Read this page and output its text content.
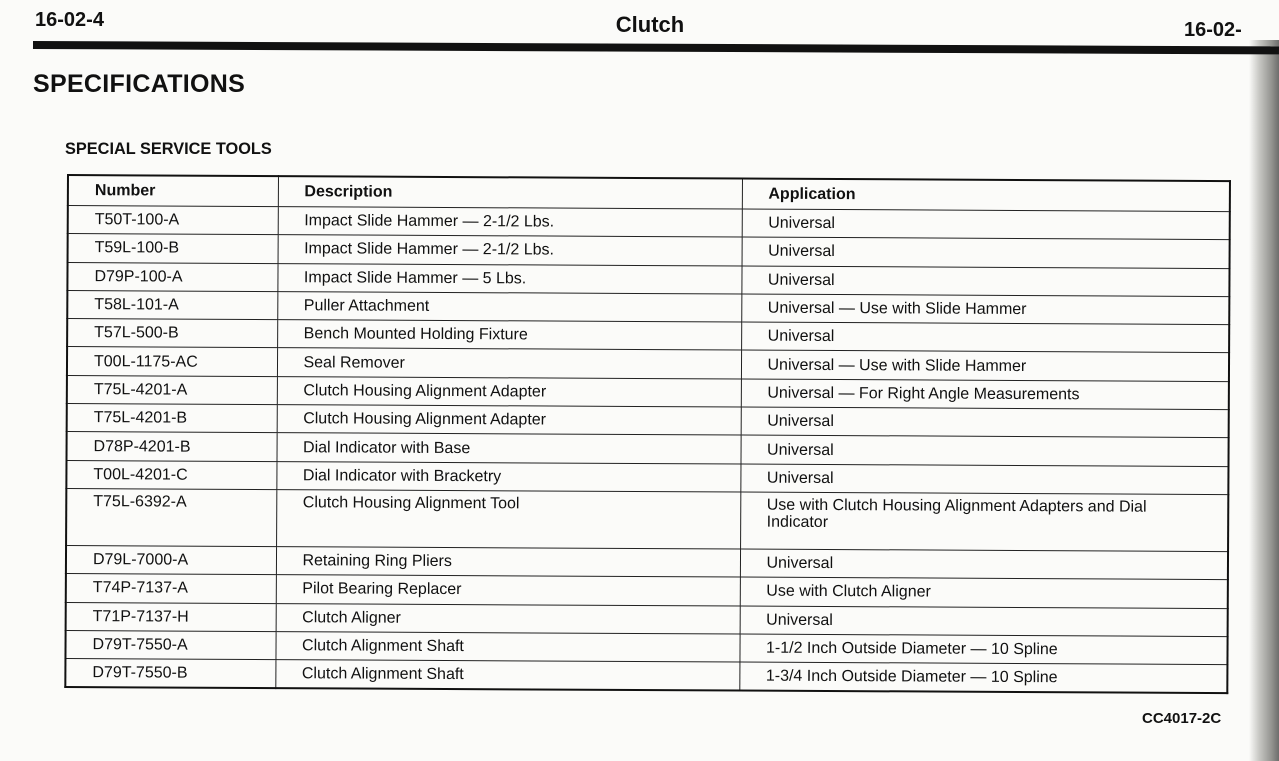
16-02-4	Clutch	16-02-
SPECIFICATIONS
SPECIAL SERVICE TOOLS
Number	Description	Application
T50T-100-A	Impact Slide Hammer — 2-1/2 Lbs.	Universal
T59L-100-B	Impact Slide Hammer — 2-1/2 Lbs.	Universal
D79P-100-A	Impact Slide Hammer — 5 Lbs.	Universal
T58L-101-A	Puller Attachment	Universal — Use with Slide Hammer
T57L-500-B	Bench Mounted Holding Fixture	Universal
T00L-1175-AC	Seal Remover	Universal — Use with Slide Hammer
T75L-4201-A	Clutch Housing Alignment Adapter	Universal — For Right Angle Measurements
T75L-4201-B	Clutch Housing Alignment Adapter	Universal
D78P-4201-B	Dial Indicator with Base	Universal
T00L-4201-C	Dial Indicator with Bracketry	Universal
T75L-6392-A	Clutch Housing Alignment Tool	Use with Clutch Housing Alignment Adapters and Dial Indicator
D79L-7000-A	Retaining Ring Pliers	Universal
T74P-7137-A	Pilot Bearing Replacer	Use with Clutch Aligner
T71P-7137-H	Clutch Aligner	Universal
D79T-7550-A	Clutch Alignment Shaft	1-1/2 Inch Outside Diameter — 10 Spline
D79T-7550-B	Clutch Alignment Shaft	1-3/4 Inch Outside Diameter — 10 Spline
CC4017-2C
